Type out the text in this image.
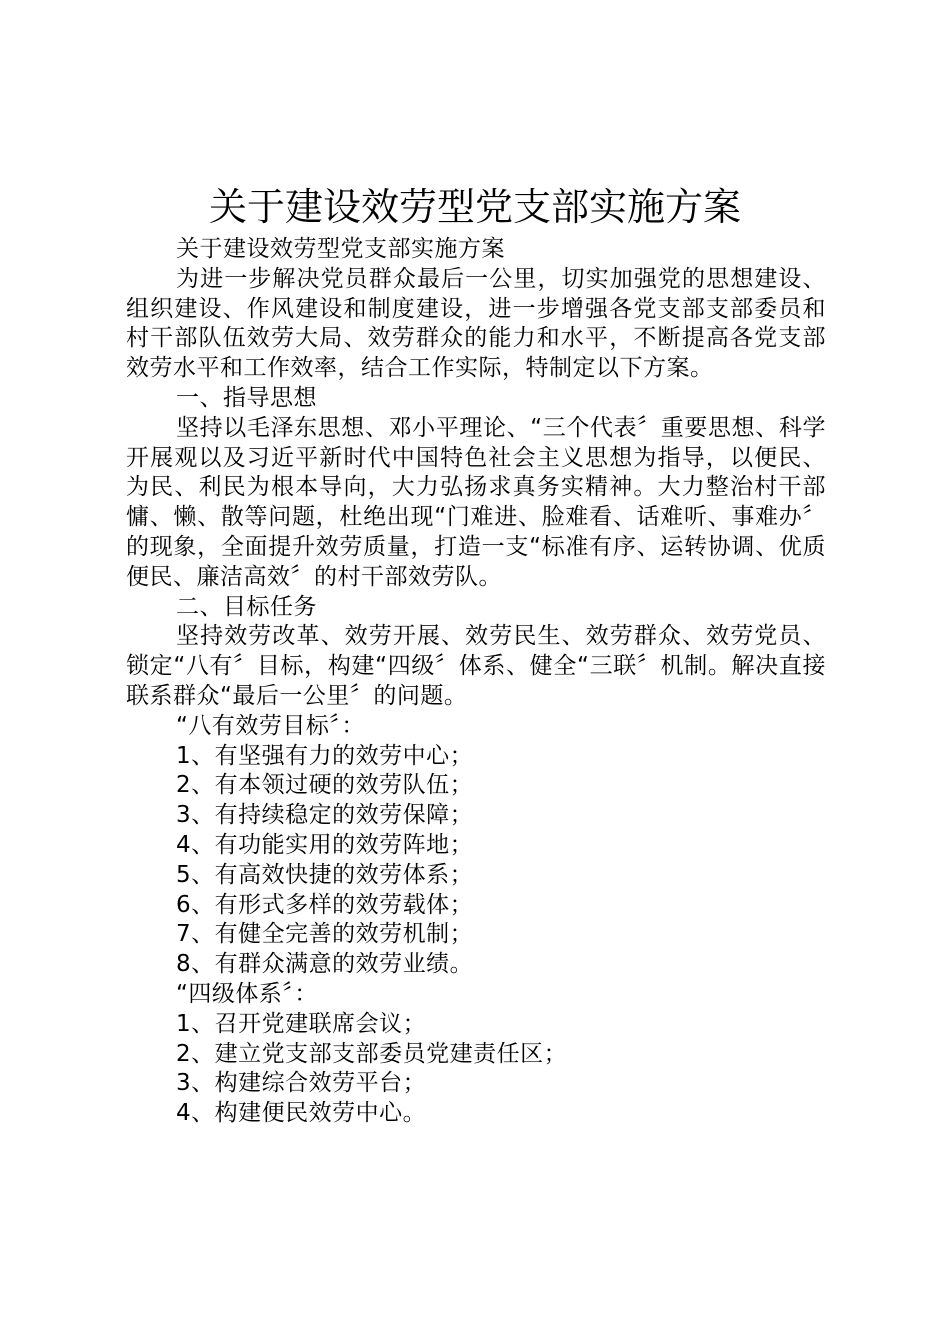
关于建设效劳型党支部实施方案

关于建设效劳型党支部实施方案

为进一步解决党员群众最后一公里，切实加强党的思想建设、组织建设、作风建设和制度建设，进一步增强各党支部支部委员和村干部队伍效劳大局、效劳群众的能力和水平，不断提高各党支部效劳水平和工作效率，结合工作实际，特制定以下方案。

一、指导思想

坚持以毛泽东思想、邓小平理论、“三个代表〞重要思想、科学开展观以及习近平新时代中国特色社会主义思想为指导，以便民、为民、利民为根本导向，大力弘扬求真务实精神。大力整治村干部慵、懒、散等问题，杜绝出现“门难进、脸难看、话难听、事难办〞的现象，全面提升效劳质量，打造一支“标准有序、运转协调、优质便民、廉洁高效〞的村干部效劳队。

二、目标任务

坚持效劳改革、效劳开展、效劳民生、效劳群众、效劳党员、锁定“八有〞目标，构建“四级〞体系、健全“三联〞机制。解决直接联系群众“最后一公里〞的问题。

“八有效劳目标〞：

1、有坚强有力的效劳中心；

2、有本领过硬的效劳队伍；

3、有持续稳定的效劳保障；

4、有功能实用的效劳阵地；

5、有高效快捷的效劳体系；

6、有形式多样的效劳载体；

7、有健全完善的效劳机制；

8、有群众满意的效劳业绩。

“四级体系〞：

1、召开党建联席会议；

2、建立党支部支部委员党建责任区；

3、构建综合效劳平台；

4、构建便民效劳中心。
